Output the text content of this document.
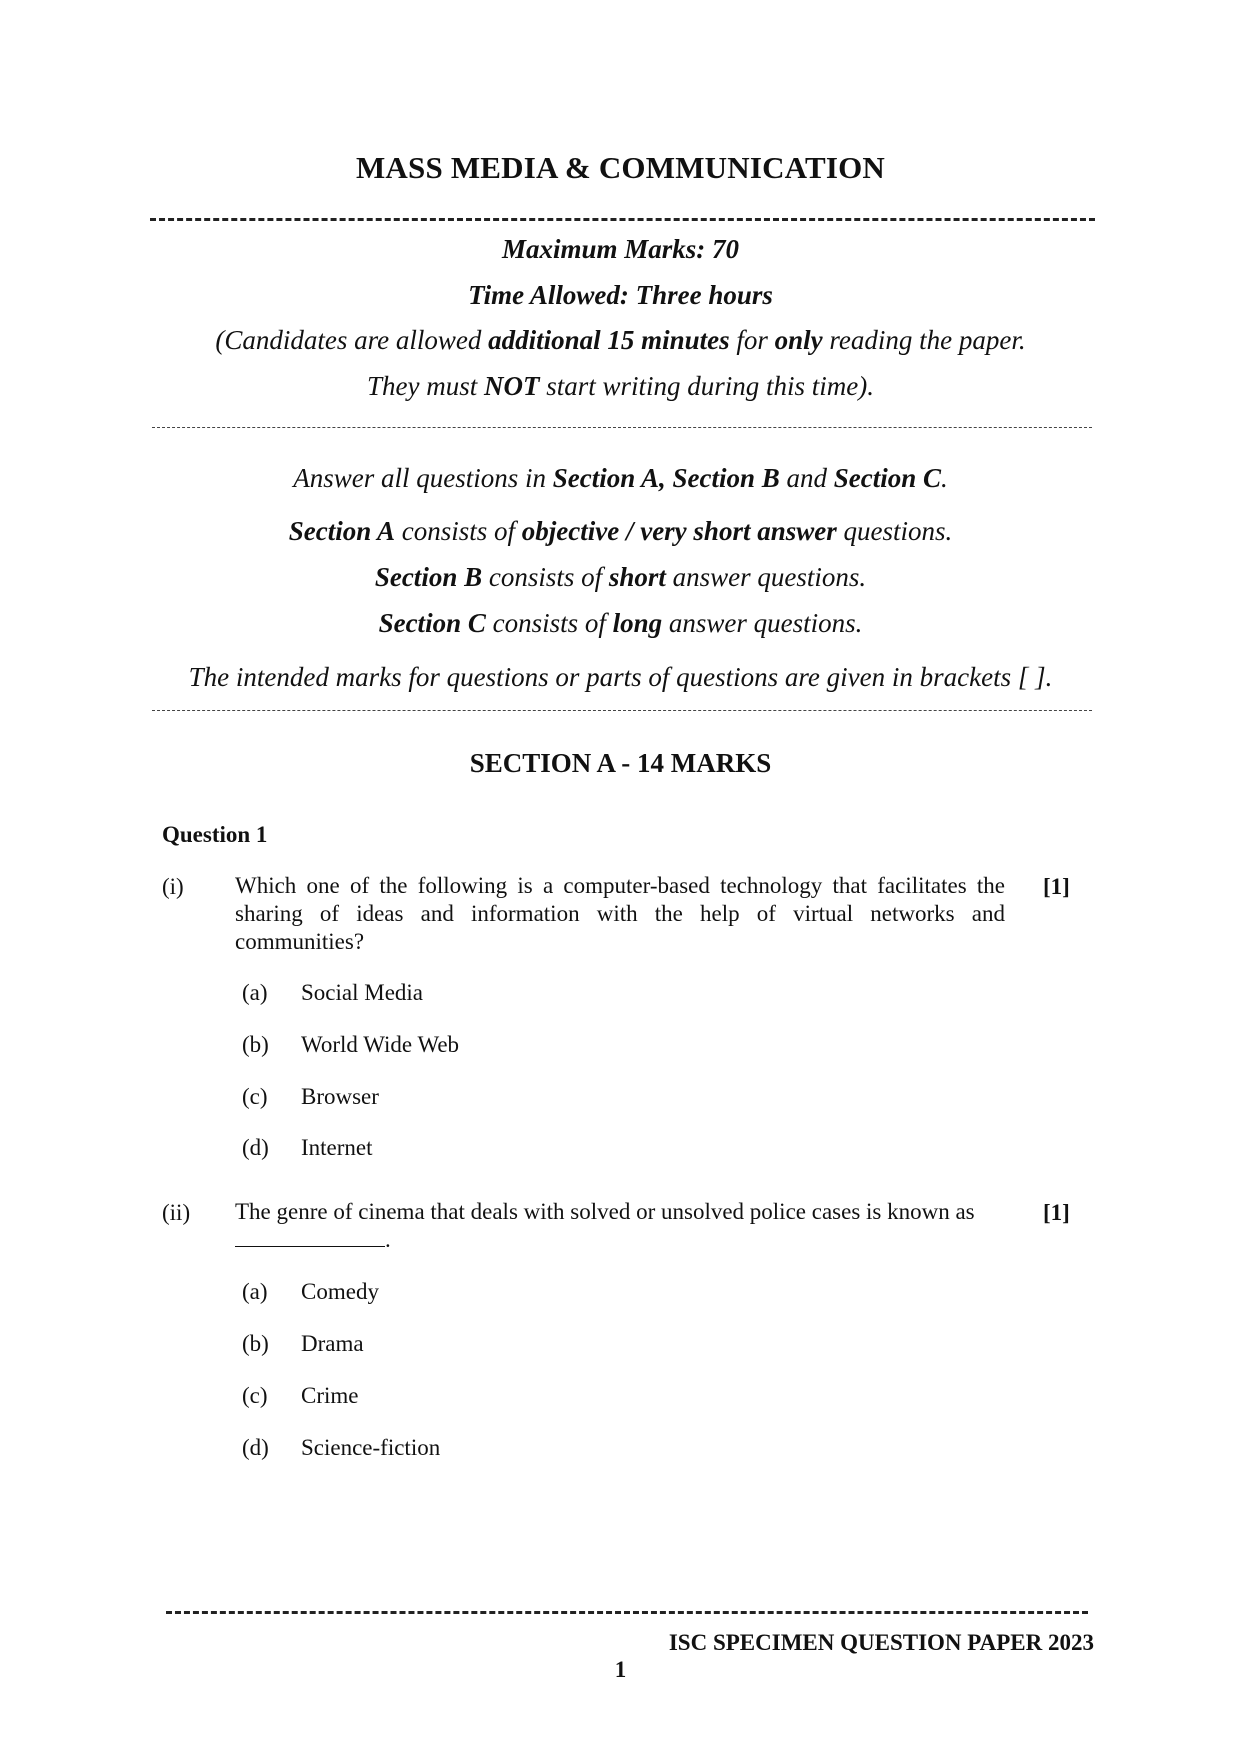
MASS MEDIA & COMMUNICATION
Maximum Marks: 70
Time Allowed: Three hours
(Candidates are allowed additional 15 minutes for only reading the paper.
They must NOT start writing during this time).
Answer all questions in Section A, Section B and Section C.
Section A consists of objective / very short answer questions.
Section B consists of short answer questions.
Section C consists of long answer questions.
The intended marks for questions or parts of questions are given in brackets [ ].
SECTION A - 14 MARKS
Question 1
(i) Which one of the following is a computer-based technology that facilitates the sharing of ideas and information with the help of virtual networks and communities?
[1]
(a) Social Media
(b) World Wide Web
(c) Browser
(d) Internet
(ii) The genre of cinema that deals with solved or unsolved police cases is known as .
[1]
(a) Comedy
(b) Drama
(c) Crime
(d) Science-fiction
ISC SPECIMEN QUESTION PAPER 2023
1
